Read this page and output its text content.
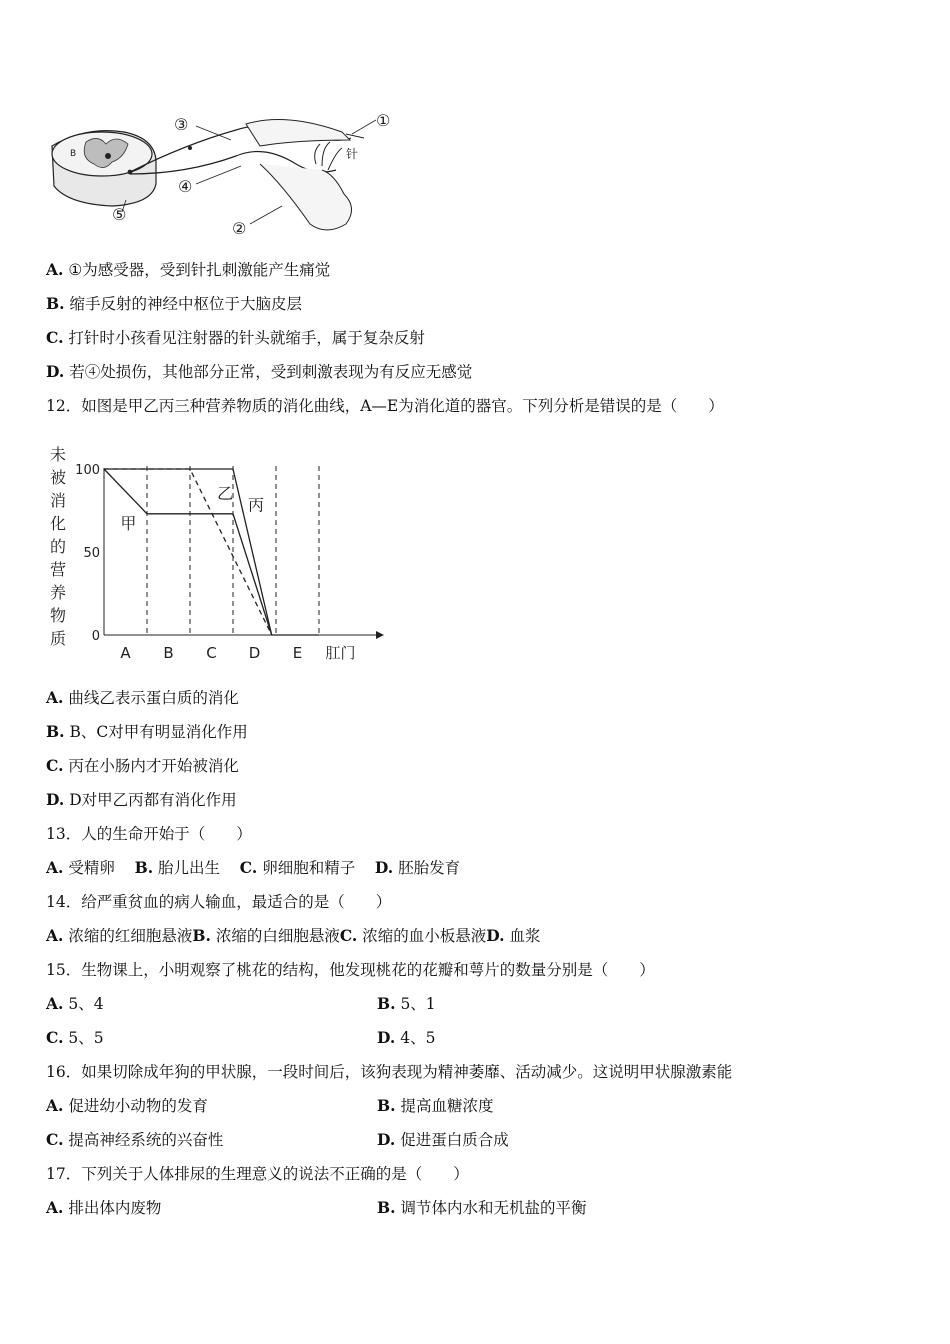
B	针
①
②
③
④
⑤
A. ①为感受器，受到针扎刺激能产生痛觉
B. 缩手反射的神经中枢位于大脑皮层
C. 打针时小孩看见注射器的针头就缩手，属于复杂反射
D. 若④处损伤，其他部分正常，受到刺激表现为有反应无感觉
12．如图是甲乙丙三种营养物质的消化曲线，A—E为消化道的器官。下列分析是错误的是（　　）
未
被
消
化
的
营
养
物
质
100
50
0
甲
乙
丙
A B C D E 肛门
A. 曲线乙表示蛋白质的消化
B. B、C对甲有明显消化作用
C. 丙在小肠内才开始被消化
D. D对甲乙丙都有消化作用
13．人的生命开始于（　　）
A. 受精卵 B. 胎儿出生 C. 卵细胞和精子 D. 胚胎发育
14．给严重贫血的病人输血，最适合的是（　　）
A. 浓缩的红细胞悬液B. 浓缩的白细胞悬液C. 浓缩的血小板悬液D. 血浆
15．生物课上，小明观察了桃花的结构，他发现桃花的花瓣和萼片的数量分别是（　　）
A. 5、4	B. 5、1
C. 5、5	D. 4、5
16．如果切除成年狗的甲状腺，一段时间后，该狗表现为精神萎靡、活动减少。这说明甲状腺激素能
A. 促进幼小动物的发育	B. 提高血糖浓度
C. 提高神经系统的兴奋性	D. 促进蛋白质合成
17．下列关于人体排尿的生理意义的说法不正确的是（　　）
A. 排出体内废物	B. 调节体内水和无机盐的平衡
